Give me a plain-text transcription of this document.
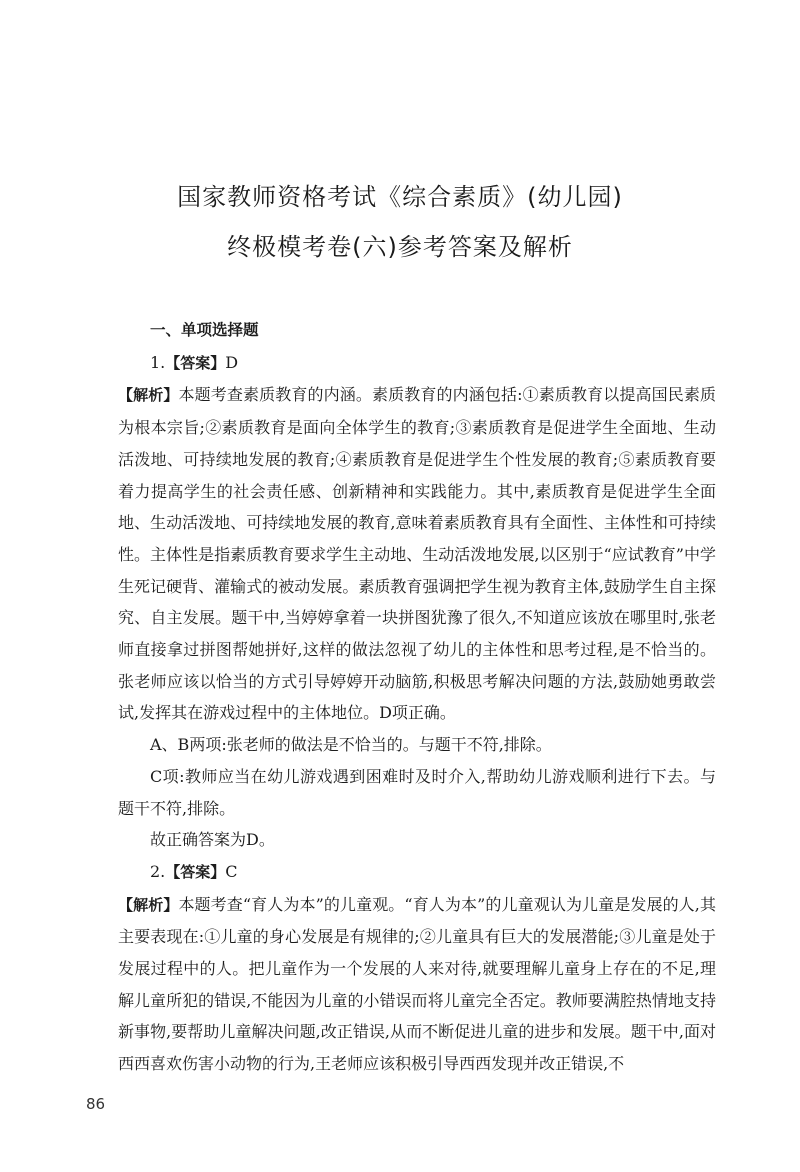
国家教师资格考试《综合素质》(幼儿园)
终极模考卷(六)参考答案及解析

一、单项选择题

1.【答案】D

【解析】本题考查素质教育的内涵。素质教育的内涵包括:①素质教育以提高国民素质为根本宗旨;②素质教育是面向全体学生的教育;③素质教育是促进学生全面地、生动活泼地、可持续地发展的教育;④素质教育是促进学生个性发展的教育;⑤素质教育要着力提高学生的社会责任感、创新精神和实践能力。其中,素质教育是促进学生全面地、生动活泼地、可持续地发展的教育,意味着素质教育具有全面性、主体性和可持续性。主体性是指素质教育要求学生主动地、生动活泼地发展,以区别于“应试教育”中学生死记硬背、灌输式的被动发展。素质教育强调把学生视为教育主体,鼓励学生自主探究、自主发展。题干中,当婷婷拿着一块拼图犹豫了很久,不知道应该放在哪里时,张老师直接拿过拼图帮她拼好,这样的做法忽视了幼儿的主体性和思考过程,是不恰当的。张老师应该以恰当的方式引导婷婷开动脑筋,积极思考解决问题的方法,鼓励她勇敢尝试,发挥其在游戏过程中的主体地位。D项正确。

A、B两项:张老师的做法是不恰当的。与题干不符,排除。

C项:教师应当在幼儿游戏遇到困难时及时介入,帮助幼儿游戏顺利进行下去。与题干不符,排除。

故正确答案为D。

2.【答案】C

【解析】本题考查“育人为本”的儿童观。“育人为本”的儿童观认为儿童是发展的人,其主要表现在:①儿童的身心发展是有规律的;②儿童具有巨大的发展潜能;③儿童是处于发展过程中的人。把儿童作为一个发展的人来对待,就要理解儿童身上存在的不足,理解儿童所犯的错误,不能因为儿童的小错误而将儿童完全否定。教师要满腔热情地支持新事物,要帮助儿童解决问题,改正错误,从而不断促进儿童的进步和发展。题干中,面对西西喜欢伤害小动物的行为,王老师应该积极引导西西发现并改正错误,不

86
